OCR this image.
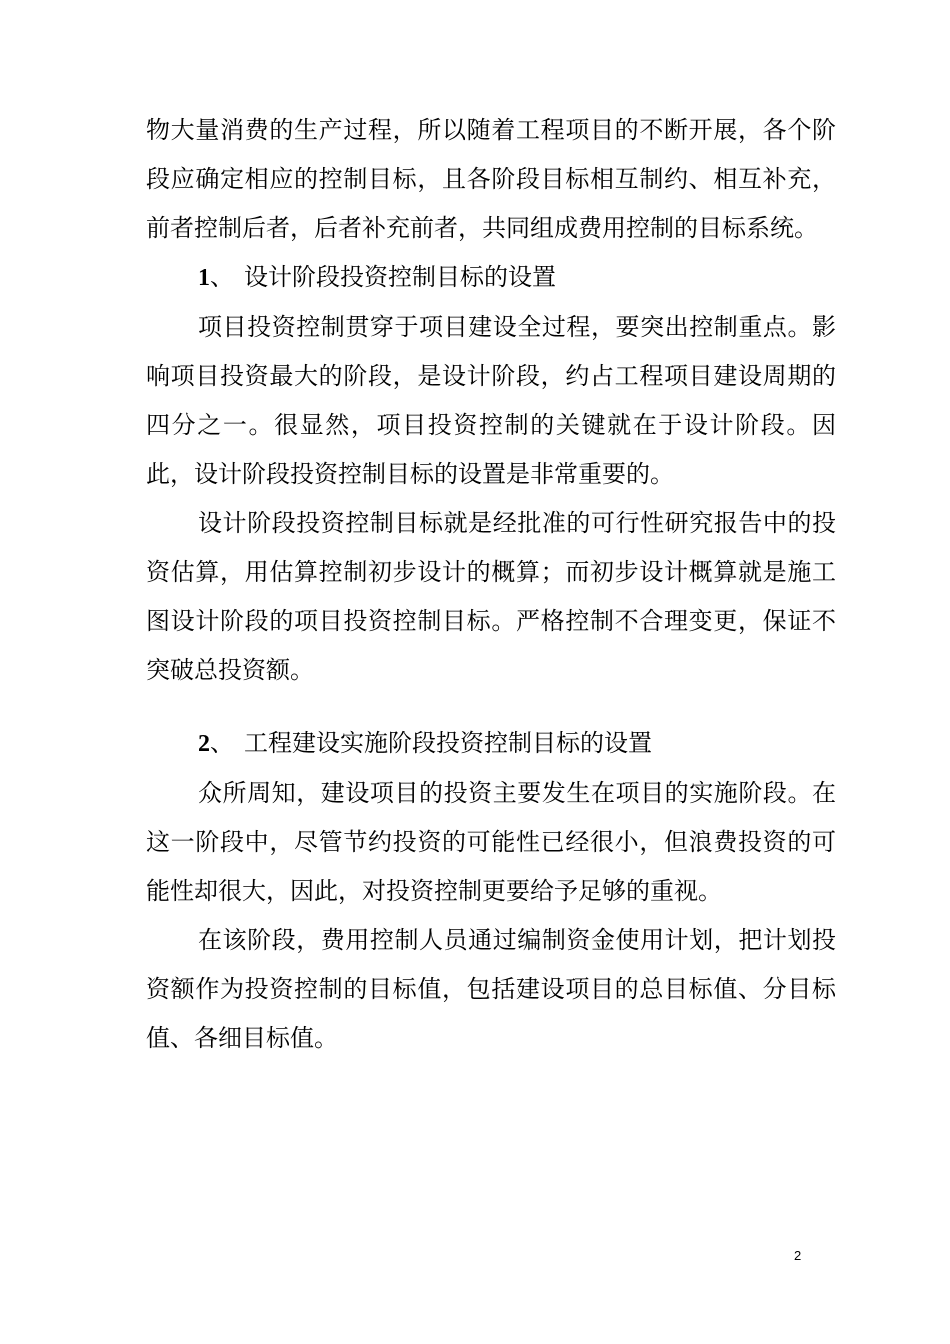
物大量消费的生产过程，所以随着工程项目的不断开展，各个阶段应确定相应的控制目标，且各阶段目标相互制约、相互补充，前者控制后者，后者补充前者，共同组成费用控制的目标系统。

1、 设计阶段投资控制目标的设置

项目投资控制贯穿于项目建设全过程，要突出控制重点。影响项目投资最大的阶段，是设计阶段，约占工程项目建设周期的四分之一。很显然，项目投资控制的关键就在于设计阶段。因此，设计阶段投资控制目标的设置是非常重要的。

设计阶段投资控制目标就是经批准的可行性研究报告中的投资估算，用估算控制初步设计的概算；而初步设计概算就是施工图设计阶段的项目投资控制目标。严格控制不合理变更，保证不突破总投资额。

2、 工程建设实施阶段投资控制目标的设置

众所周知，建设项目的投资主要发生在项目的实施阶段。在这一阶段中，尽管节约投资的可能性已经很小，但浪费投资的可能性却很大，因此，对投资控制更要给予足够的重视。

在该阶段，费用控制人员通过编制资金使用计划，把计划投资额作为投资控制的目标值，包括建设项目的总目标值、分目标值、各细目标值。

2
